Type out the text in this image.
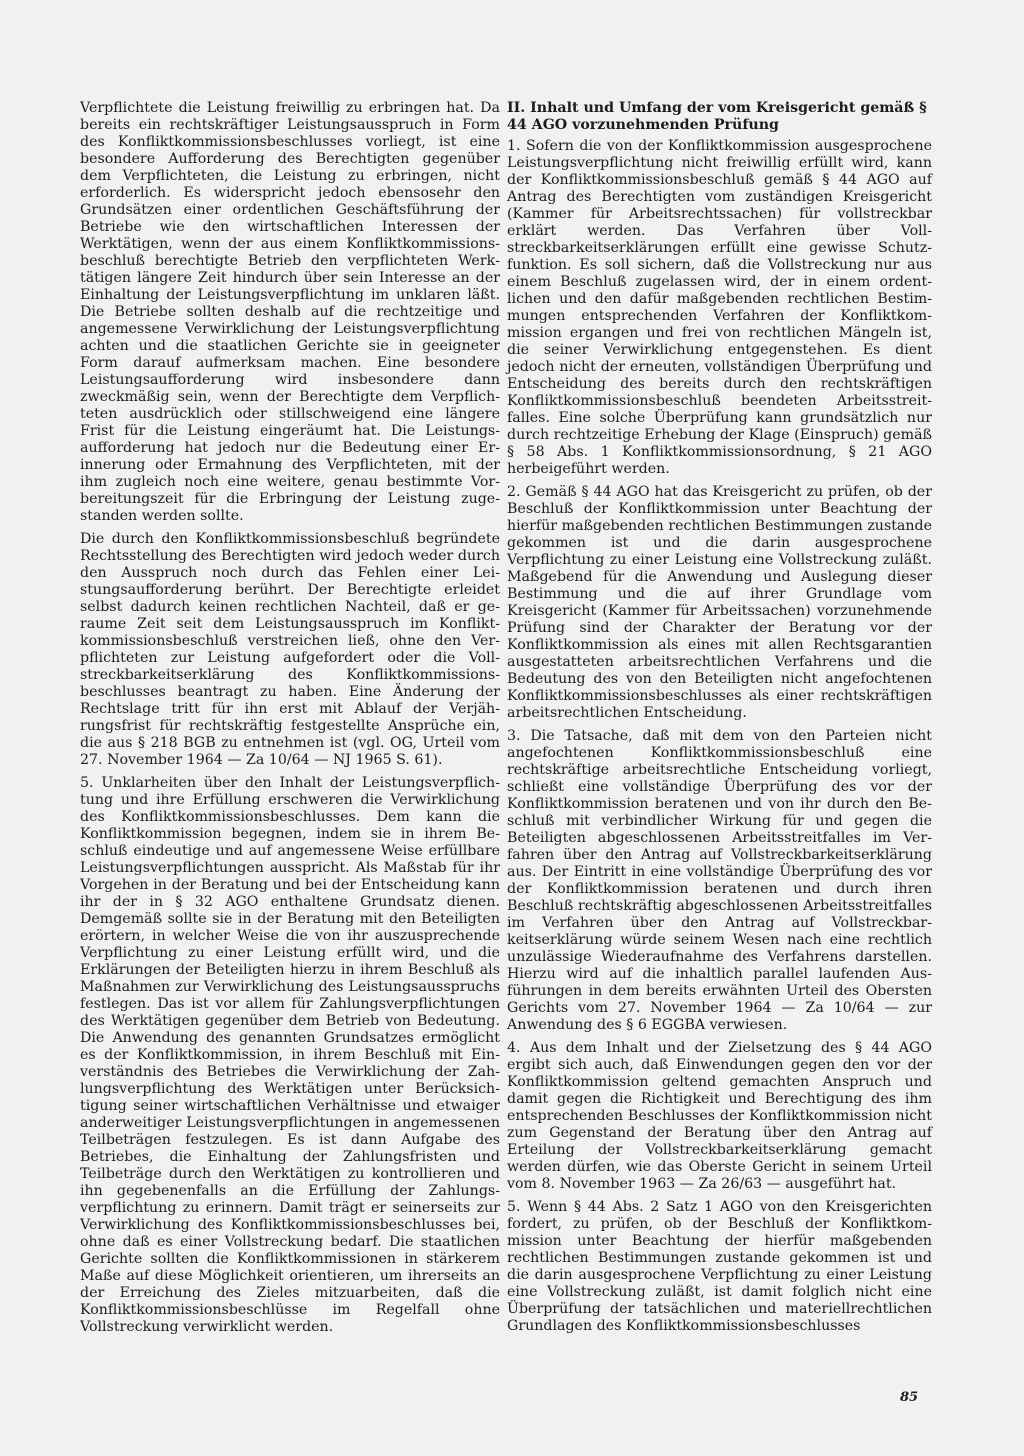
Verpflichtete die Leistung freiwillig zu erbringen hat. Da bereits ein rechtskräftiger Leistungsausspruch in Form des Konfliktkommissionsbeschlusses vorliegt, ist eine besondere Aufforderung des Berechtigten gegenüber dem Verpflichteten, die Leistung zu erbringen, nicht erforderlich. Es widerspricht jedoch ebensosehr den Grundsätzen einer ordentlichen Geschäftsführung der Betriebe wie den wirtschaftlichen Interessen der Werktätigen, wenn der aus einem Konfliktkommissionsbeschluß berechtigte Betrieb den verpflichteten Werktätigen längere Zeit hindurch über sein Interesse an der Einhaltung der Leistungsverpflichtung im unklaren läßt. Die Betriebe sollten deshalb auf die rechtzeitige und angemessene Verwirklichung der Leistungsverpflichtung achten und die staatlichen Gerichte sie in geeigneter Form darauf aufmerksam machen. Eine besondere Leistungsaufforderung wird insbesondere dann zweckmäßig sein, wenn der Berechtigte dem Verpflichteten ausdrücklich oder stillschweigend eine längere Frist für die Leistung eingeräumt hat. Die Leistungsaufforderung hat jedoch nur die Bedeutung einer Erinnerung oder Ermahnung des Verpflichteten, mit der ihm zugleich noch eine weitere, genau bestimmte Vorbereitungszeit für die Erbringung der Leistung zugestanden werden sollte.

Die durch den Konfliktkommissionsbeschluß begründete Rechtsstellung des Berechtigten wird jedoch weder durch den Ausspruch noch durch das Fehlen einer Leistungsaufforderung berührt. Der Berechtigte erleidet selbst dadurch keinen rechtlichen Nachteil, daß er geraume Zeit seit dem Leistungsausspruch im Konfliktkommissionsbeschluß verstreichen ließ, ohne den Verpflichteten zur Leistung aufgefordert oder die Vollstreckbarkeitserklärung des Konfliktkommissionsbeschlusses beantragt zu haben. Eine Änderung der Rechtslage tritt für ihn erst mit Ablauf der Verjährungsfrist für rechtskräftig festgestellte Ansprüche ein, die aus § 218 BGB zu entnehmen ist (vgl. OG, Urteil vom 27. November 1964 — Za 10/64 — NJ 1965 S. 61).

5. Unklarheiten über den Inhalt der Leistungsverpflichtung und ihre Erfüllung erschweren die Verwirklichung des Konfliktkommissionsbeschlusses. Dem kann die Konfliktkommission begegnen, indem sie in ihrem Beschluß eindeutige und auf angemessene Weise erfüllbare Leistungsverpflichtungen ausspricht. Als Maßstab für ihr Vorgehen in der Beratung und bei der Entscheidung kann ihr der in § 32 AGO enthaltene Grundsatz dienen. Demgemäß sollte sie in der Beratung mit den Beteiligten erörtern, in welcher Weise die von ihr auszusprechende Verpflichtung zu einer Leistung erfüllt wird, und die Erklärungen der Beteiligten hierzu in ihrem Beschluß als Maßnahmen zur Verwirklichung des Leistungsausspruchs festlegen. Das ist vor allem für Zahlungsverpflichtungen des Werktätigen gegenüber dem Betrieb von Bedeutung. Die Anwendung des genannten Grundsatzes ermöglicht es der Konfliktkommission, in ihrem Beschluß mit Einverständnis des Betriebes die Verwirklichung der Zahlungsverpflichtung des Werktätigen unter Berücksichtigung seiner wirtschaftlichen Verhältnisse und etwaiger anderweitiger Leistungsverpflichtungen in angemessenen Teilbeträgen festzulegen. Es ist dann Aufgabe des Betriebes, die Einhaltung der Zahlungsfristen und Teilbeträge durch den Werktätigen zu kontrollieren und ihn gegebenenfalls an die Erfüllung der Zahlungsverpflichtung zu erinnern. Damit trägt er seinerseits zur Verwirklichung des Konfliktkommissionsbeschlusses bei, ohne daß es einer Vollstreckung bedarf. Die staatlichen Gerichte sollten die Konfliktkommissionen in stärkerem Maße auf diese Möglichkeit orientieren, um ihrerseits an der Erreichung des Zieles mitzuarbeiten, daß die Konfliktkommissionsbeschlüsse im Regelfall ohne Vollstreckung verwirklicht werden.

II. Inhalt und Umfang der vom Kreisgericht gemäß § 44 AGO vorzunehmenden Prüfung

1. Sofern die von der Konfliktkommission ausgesprochene Leistungsverpflichtung nicht freiwillig erfüllt wird, kann der Konfliktkommissionsbeschluß gemäß § 44 AGO auf Antrag des Berechtigten vom zuständigen Kreisgericht (Kammer für Arbeitsrechtssachen) für vollstreckbar erklärt werden. Das Verfahren über Vollstreckbarkeitserklärungen erfüllt eine gewisse Schutzfunktion. Es soll sichern, daß die Vollstreckung nur aus einem Beschluß zugelassen wird, der in einem ordentlichen und den dafür maßgebenden rechtlichen Bestimmungen entsprechenden Verfahren der Konfliktkommission ergangen und frei von rechtlichen Mängeln ist, die seiner Verwirklichung entgegenstehen. Es dient jedoch nicht der erneuten, vollständigen Überprüfung und Entscheidung des bereits durch den rechtskräftigen Konfliktkommissionsbeschluß beendeten Arbeitsstreitfalles. Eine solche Überprüfung kann grundsätzlich nur durch rechtzeitige Erhebung der Klage (Einspruch) gemäß § 58 Abs. 1 Konfliktkommissionsordnung, § 21 AGO herbeigeführt werden.

2. Gemäß § 44 AGO hat das Kreisgericht zu prüfen, ob der Beschluß der Konfliktkommission unter Beachtung der hierfür maßgebenden rechtlichen Bestimmungen zustande gekommen ist und die darin ausgesprochene Verpflichtung zu einer Leistung eine Vollstreckung zuläßt. Maßgebend für die Anwendung und Auslegung dieser Bestimmung und die auf ihrer Grundlage vom Kreisgericht (Kammer für Arbeitssachen) vorzunehmende Prüfung sind der Charakter der Beratung vor der Konfliktkommission als eines mit allen Rechtsgarantien ausgestatteten arbeitsrechtlichen Verfahrens und die Bedeutung des von den Beteiligten nicht angefochtenen Konfliktkommissionsbeschlusses als einer rechtskräftigen arbeitsrechtlichen Entscheidung.

3. Die Tatsache, daß mit dem von den Parteien nicht angefochtenen Konfliktkommissionsbeschluß eine rechtskräftige arbeitsrechtliche Entscheidung vorliegt, schließt eine vollständige Überprüfung des vor der Konfliktkommission beratenen und von ihr durch den Beschluß mit verbindlicher Wirkung für und gegen die Beteiligten abgeschlossenen Arbeitsstreitfalles im Verfahren über den Antrag auf Vollstreckbarkeitserklärung aus. Der Eintritt in eine vollständige Überprüfung des vor der Konfliktkommission beratenen und durch ihren Beschluß rechtskräftig abgeschlossenen Arbeitsstreitfalles im Verfahren über den Antrag auf Vollstreckbarkeitserklärung würde seinem Wesen nach eine rechtlich unzulässige Wiederaufnahme des Verfahrens darstellen. Hierzu wird auf die inhaltlich parallel laufenden Ausführungen in dem bereits erwähnten Urteil des Obersten Gerichts vom 27. November 1964 — Za 10/64 — zur Anwendung des § 6 EGGBA verwiesen.

4. Aus dem Inhalt und der Zielsetzung des § 44 AGO ergibt sich auch, daß Einwendungen gegen den vor der Konfliktkommission geltend gemachten Anspruch und damit gegen die Richtigkeit und Berechtigung des ihm entsprechenden Beschlusses der Konfliktkommission nicht zum Gegenstand der Beratung über den Antrag auf Erteilung der Vollstreckbarkeitserklärung gemacht werden dürfen, wie das Oberste Gericht in seinem Urteil vom 8. November 1963 — Za 26/63 — ausgeführt hat.

5. Wenn § 44 Abs. 2 Satz 1 AGO von den Kreisgerichten fordert, zu prüfen, ob der Beschluß der Konfliktkommission unter Beachtung der hierfür maßgebenden rechtlichen Bestimmungen zustande gekommen ist und die darin ausgesprochene Verpflichtung zu einer Leistung eine Vollstreckung zuläßt, ist damit folglich nicht eine Überprüfung der tatsächlichen und materiellrechtlichen Grundlagen des Konfliktkommissionsbeschlusses

85
